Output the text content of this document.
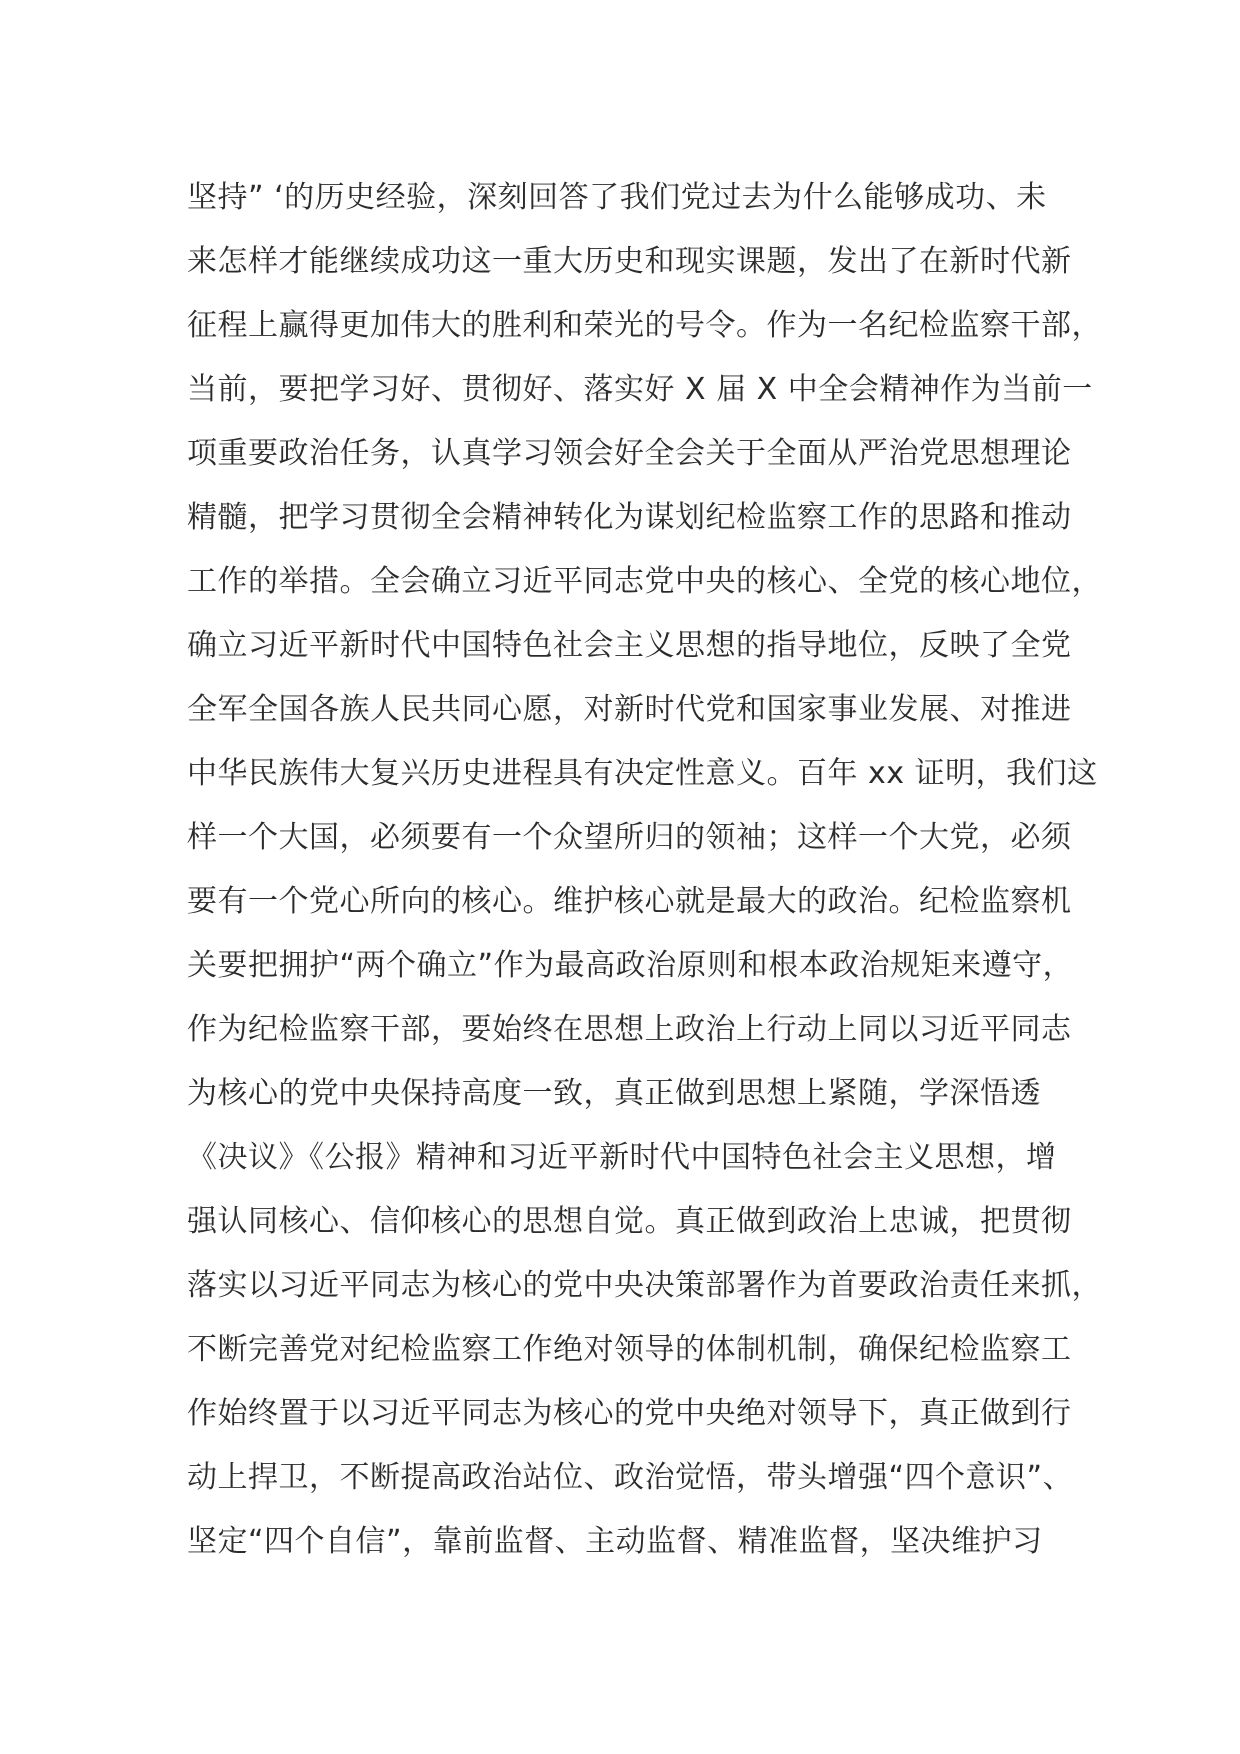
坚持” ‘的历史经验，深刻回答了我们党过去为什么能够成功、未
来怎样才能继续成功这一重大历史和现实课题，发出了在新时代新
征程上赢得更加伟大的胜利和荣光的号令。作为一名纪检监察干部，
当前，要把学习好、贯彻好、落实好 X 届 X 中全会精神作为当前一
项重要政治任务，认真学习领会好全会关于全面从严治党思想理论
精髓，把学习贯彻全会精神转化为谋划纪检监察工作的思路和推动
工作的举措。全会确立习近平同志党中央的核心、全党的核心地位，
确立习近平新时代中国特色社会主义思想的指导地位，反映了全党
全军全国各族人民共同心愿，对新时代党和国家事业发展、对推进
中华民族伟大复兴历史进程具有决定性意义。百年 xx 证明，我们这
样一个大国，必须要有一个众望所归的领袖；这样一个大党，必须
要有一个党心所向的核心。维护核心就是最大的政治。纪检监察机
关要把拥护“两个确立”作为最高政治原则和根本政治规矩来遵守，
作为纪检监察干部，要始终在思想上政治上行动上同以习近平同志
为核心的党中央保持高度一致，真正做到思想上紧随，学深悟透
《决议》《公报》精神和习近平新时代中国特色社会主义思想，增
强认同核心、信仰核心的思想自觉。真正做到政治上忠诚，把贯彻
落实以习近平同志为核心的党中央决策部署作为首要政治责任来抓，
不断完善党对纪检监察工作绝对领导的体制机制，确保纪检监察工
作始终置于以习近平同志为核心的党中央绝对领导下，真正做到行
动上捍卫，不断提高政治站位、政治觉悟，带头增强“四个意识”、
坚定“四个自信”，靠前监督、主动监督、精准监督，坚决维护习
